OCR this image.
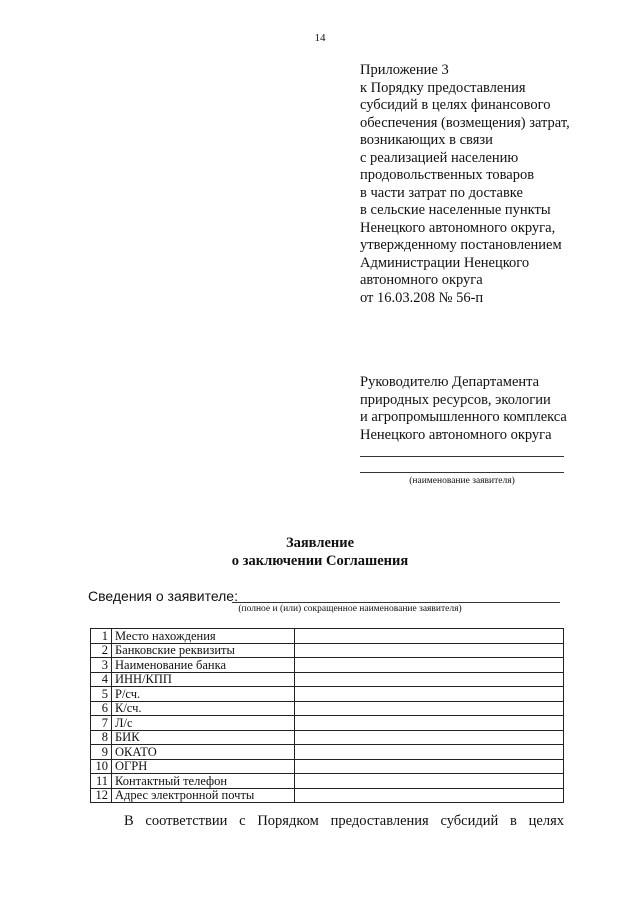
14
Приложение 3
к Порядку предоставления
субсидий в целях финансового
обеспечения (возмещения) затрат,
возникающих в связи
с реализацией населению
продовольственных товаров
в части затрат по доставке
в сельские населенные пункты
Ненецкого автономного округа,
утвержденному постановлением
Администрации Ненецкого
автономного округа
от 16.03.208 № 56-п
Руководителю Департамента
природных ресурсов, экологии
и агропромышленного комплекса
Ненецкого автономного округа
(наименование заявителя)
Заявление
о заключении Соглашения
Сведения о заявителе:
(полное и (или) сокращенное наименование заявителя)
1	Место нахождения	
2	Банковские реквизиты	
3	Наименование банка	
4	ИНН/КПП	
5	Р/сч.	
6	К/сч.	
7	Л/с	
8	БИК	
9	ОКАТО	
10	ОГРН	
11	Контактный телефон	
12	Адрес электронной почты	
В соответствии с Порядком предоставления субсидий в целях
